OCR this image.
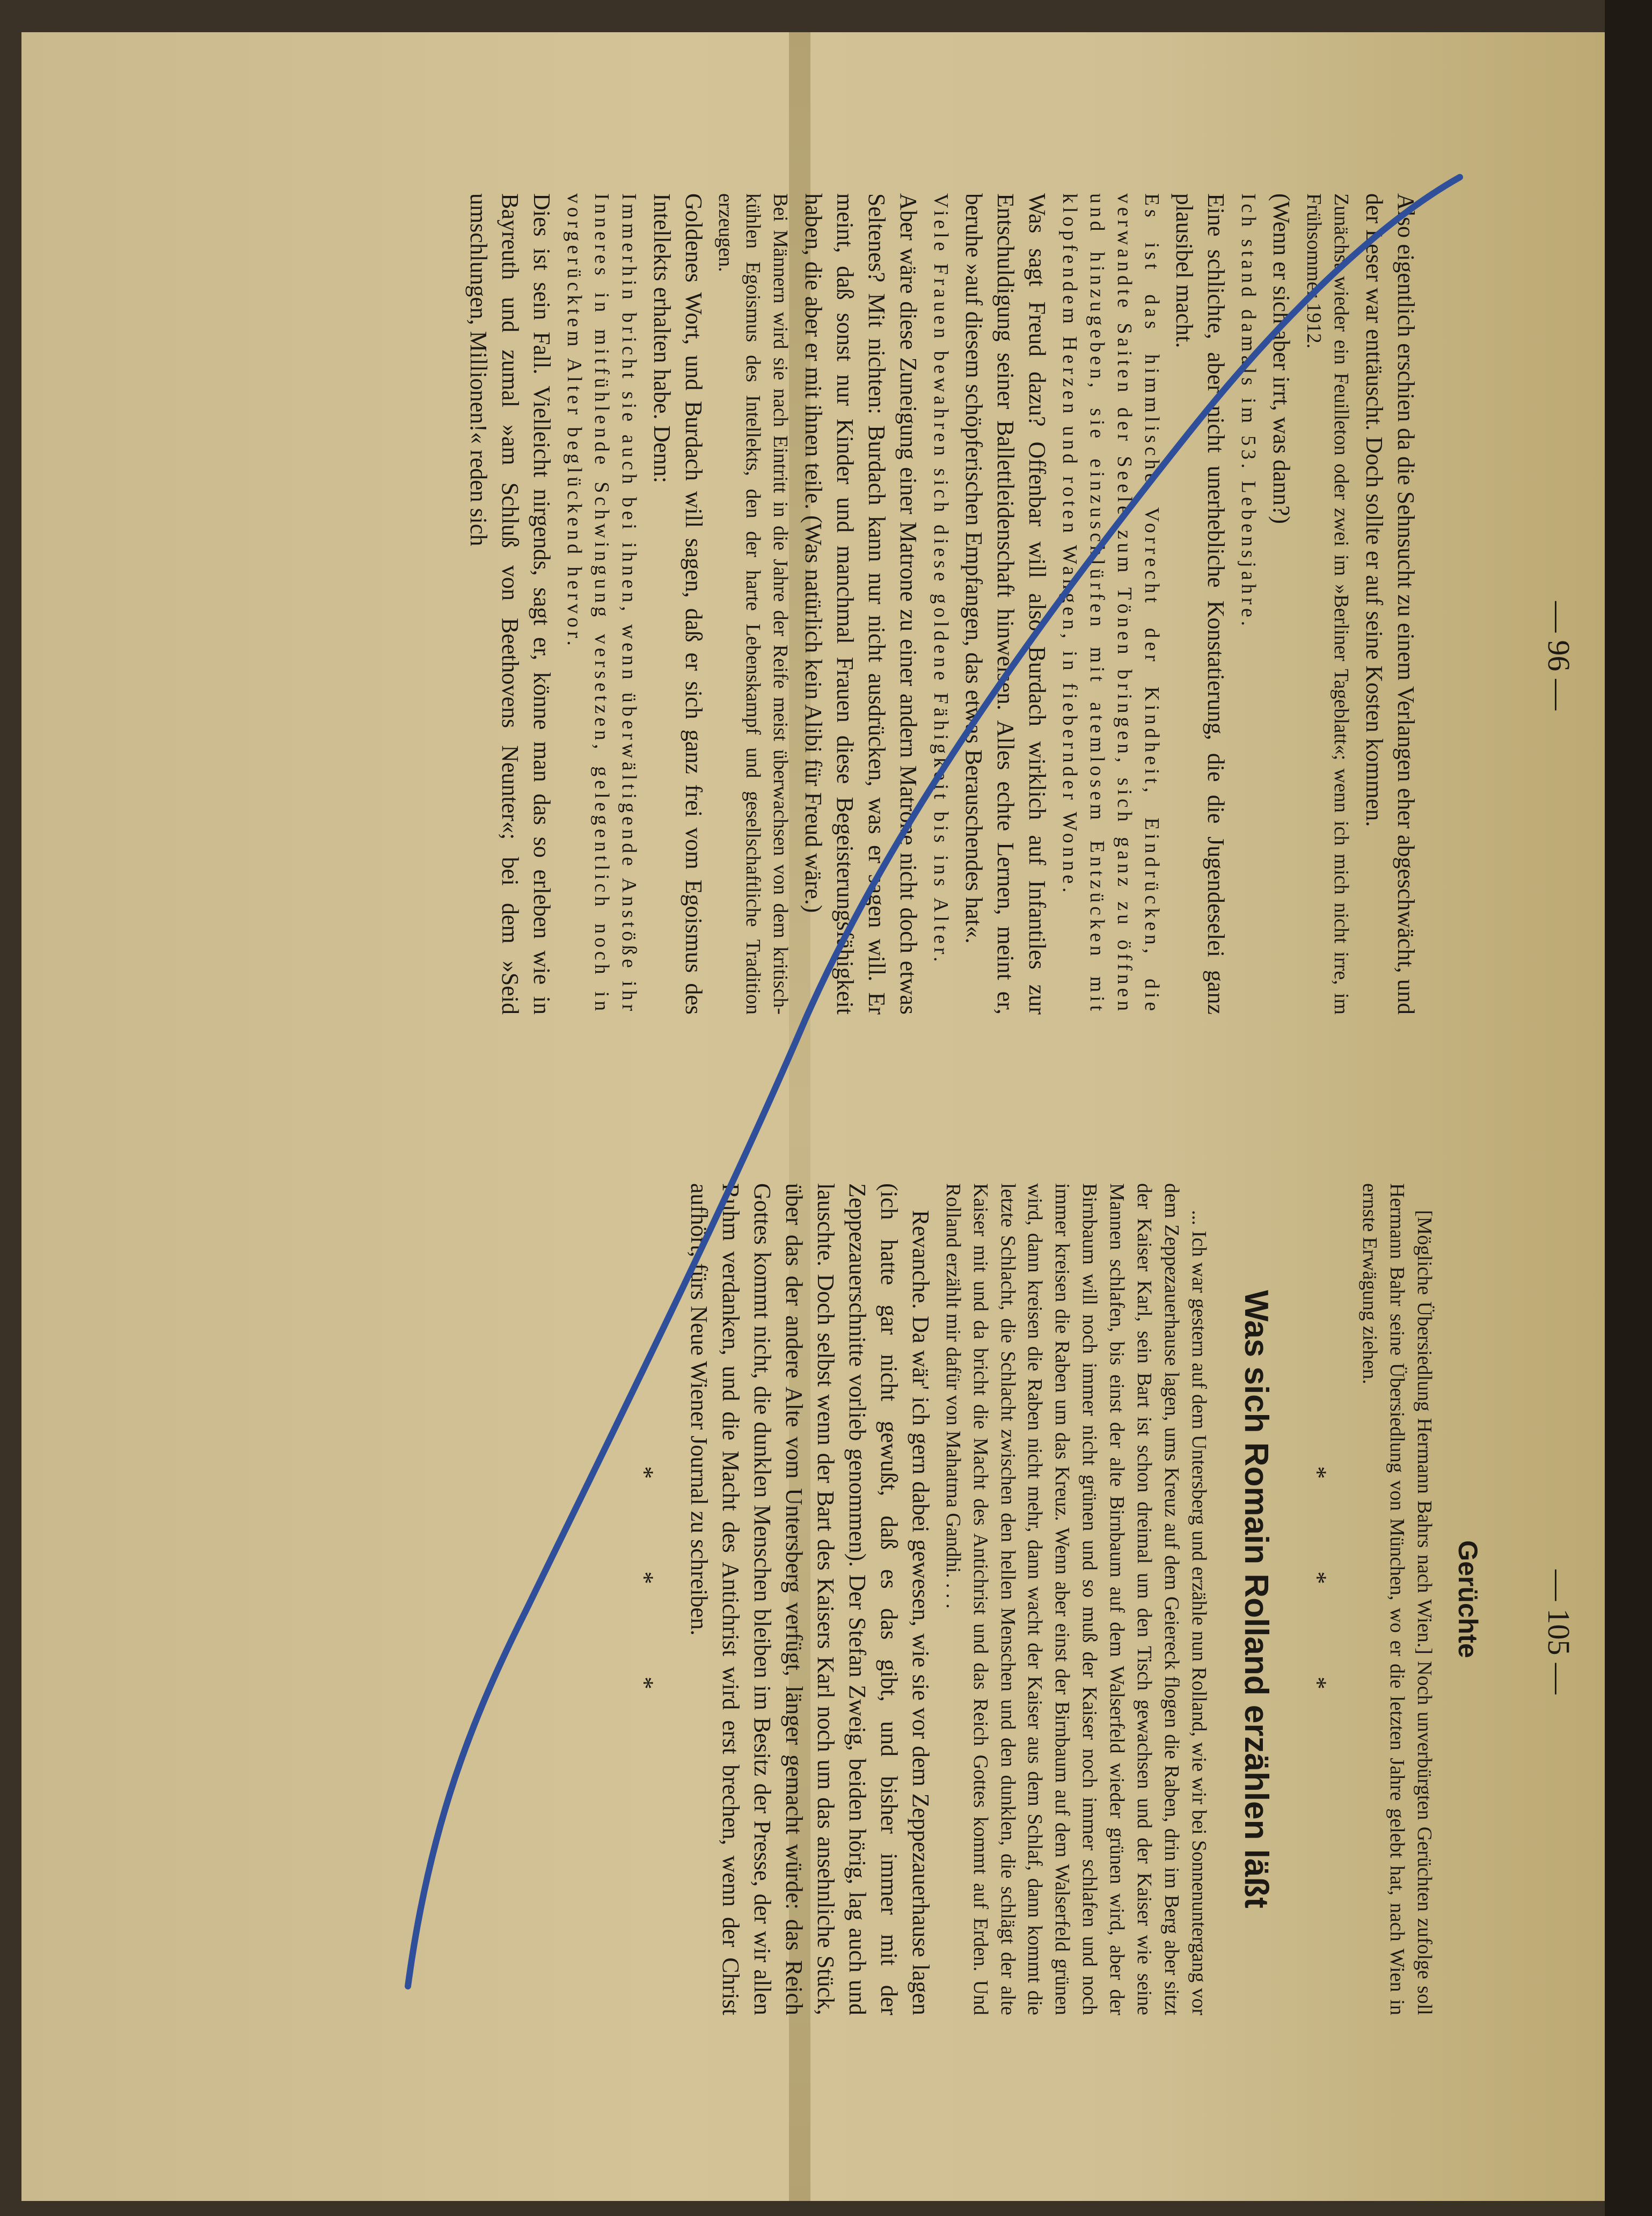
— 96 —

Also eigentlich erschien da die Sehnsucht zu einem Verlangen eher abgeschwächt, und der Leser war enttäuscht. Doch sollte er auf seine Kosten kommen.

Zunächst wieder ein Feuilleton oder zwei im »Berliner Tageblatt«; wenn ich mich nicht irre, im Frühsommer 1912.

(Wenn er sich aber irrt, was dann?)

Ich stand damals im 53. Lebensjahre.

Eine schlichte, aber nicht unerhebliche Konstatierung, die die Jugendeselei ganz plausibel macht.

Es ist das himmlische Vorrecht der Kindheit, Eindrücken, die verwandte Saiten der Seele zum Tönen bringen, sich ganz zu öffnen und hinzugeben, sie einzuschlürfen mit atemlosem Entzücken mit klopfendem Herzen und roten Wangen, in fiebernder Wonne.

Was sagt Freud dazu? Offenbar will also Burdach wirklich auf Infantiles zur Entschuldigung seiner Ballettleidenschaft hinweisen. Alles echte Lernen, meint er, beruhe »auf diesem schöpferischen Empfangen, das etwas Berauschendes hat«.

Viele Frauen bewahren sich diese goldene Fähigkeit bis ins Alter.

Aber wäre diese Zuneigung einer Matrone zu einer andern Matrone nicht doch etwas Seltenes? Mit nichten: Burdach kann nur nicht ausdrücken, was er sagen will. Er meint, daß sonst nur Kinder und manchmal Frauen diese Begeisterungsfähigkeit haben, die aber er mit ihnen teile. (Was natürlich kein Alibi für Freud wäre.)

Bei Männern wird sie nach Eintritt in die Jahre der Reife meist überwachsen von dem kritisch-kühlen Egoismus des Intellekts, den der harte Lebenskampf und gesellschaftliche Tradition erzeugen.

Goldenes Wort, und Burdach will sagen, daß er sich ganz frei vom Egoismus des Intellekts erhalten habe. Denn:

Immerhin bricht sie auch bei ihnen, wenn überwältigende Anstöße ihr Inneres in mitfühlende Schwingung versetzen, gelegentlich noch in vorgerücktem Alter beglückend hervor.

Dies ist sein Fall. Vielleicht nirgends, sagt er, könne man das so erleben wie in Bayreuth und zumal »am Schluß von Beethovens Neunter«; bei dem »Seid umschlungen, Millionen!« reden sich

— 105 —
Gerüchte

[Mögliche Übersiedlung Hermann Bahrs nach Wien.] Noch unverbürgten Gerüchten zufolge soll Hermann Bahr seine Übersiedlung von München, wo er die letzten Jahre gelebt hat, nach Wien in ernste Erwägung ziehen.

* * *
Was sich Romain Rolland erzählen läßt

... Ich war gestern auf dem Untersberg und erzähle nun Rolland, wie wir bei Sonnenuntergang vor dem Zeppezauerhause lagen, ums Kreuz auf dem Geiereck flogen die Raben, drin im Berg aber sitzt der Kaiser Karl, sein Bart ist schon dreimal um den Tisch gewachsen und der Kaiser wie seine Mannen schlafen, bis einst der alte Birnbaum auf dem Walserfeld wieder grünen wird, aber der Birnbaum will noch immer nicht grünen und so muß der Kaiser noch immer schlafen und noch immer kreisen die Raben um das Kreuz. Wenn aber einst der Birnbaum auf dem Walserfeld grünen wird, dann kreisen die Raben nicht mehr, dann wacht der Kaiser aus dem Schlaf, dann kommt die letzte Schlacht, die Schlacht zwischen den hellen Menschen und den dunklen, die schlägt der alte Kaiser mit und da bricht die Macht des Antichrist und das Reich Gottes kommt auf Erden. Und Rolland erzählt mir dafür von Mahatma Gandhi. . . .

Revanche. Da wär' ich gern dabei gewesen, wie sie vor dem Zeppezauerhause lagen (ich hatte gar nicht gewußt, daß es das gibt, und bisher immer mit der Zeppezauerschnitte vorlieb genommen). Der Stefan Zweig, beiden hörig, lag auch und lauschte. Doch selbst wenn der Bart des Kaisers Karl noch um das ansehnliche Stück, über das der andere Alte vom Untersberg verfügt, länger gemacht würde: das Reich Gottes kommt nicht, die dunklen Menschen bleiben im Besitz der Presse, der wir allen Ruhm verdanken, und die Macht des Antichrist wird erst brechen, wenn der Christ aufhört, fürs Neue Wiener Journal zu schreiben.

* * *
